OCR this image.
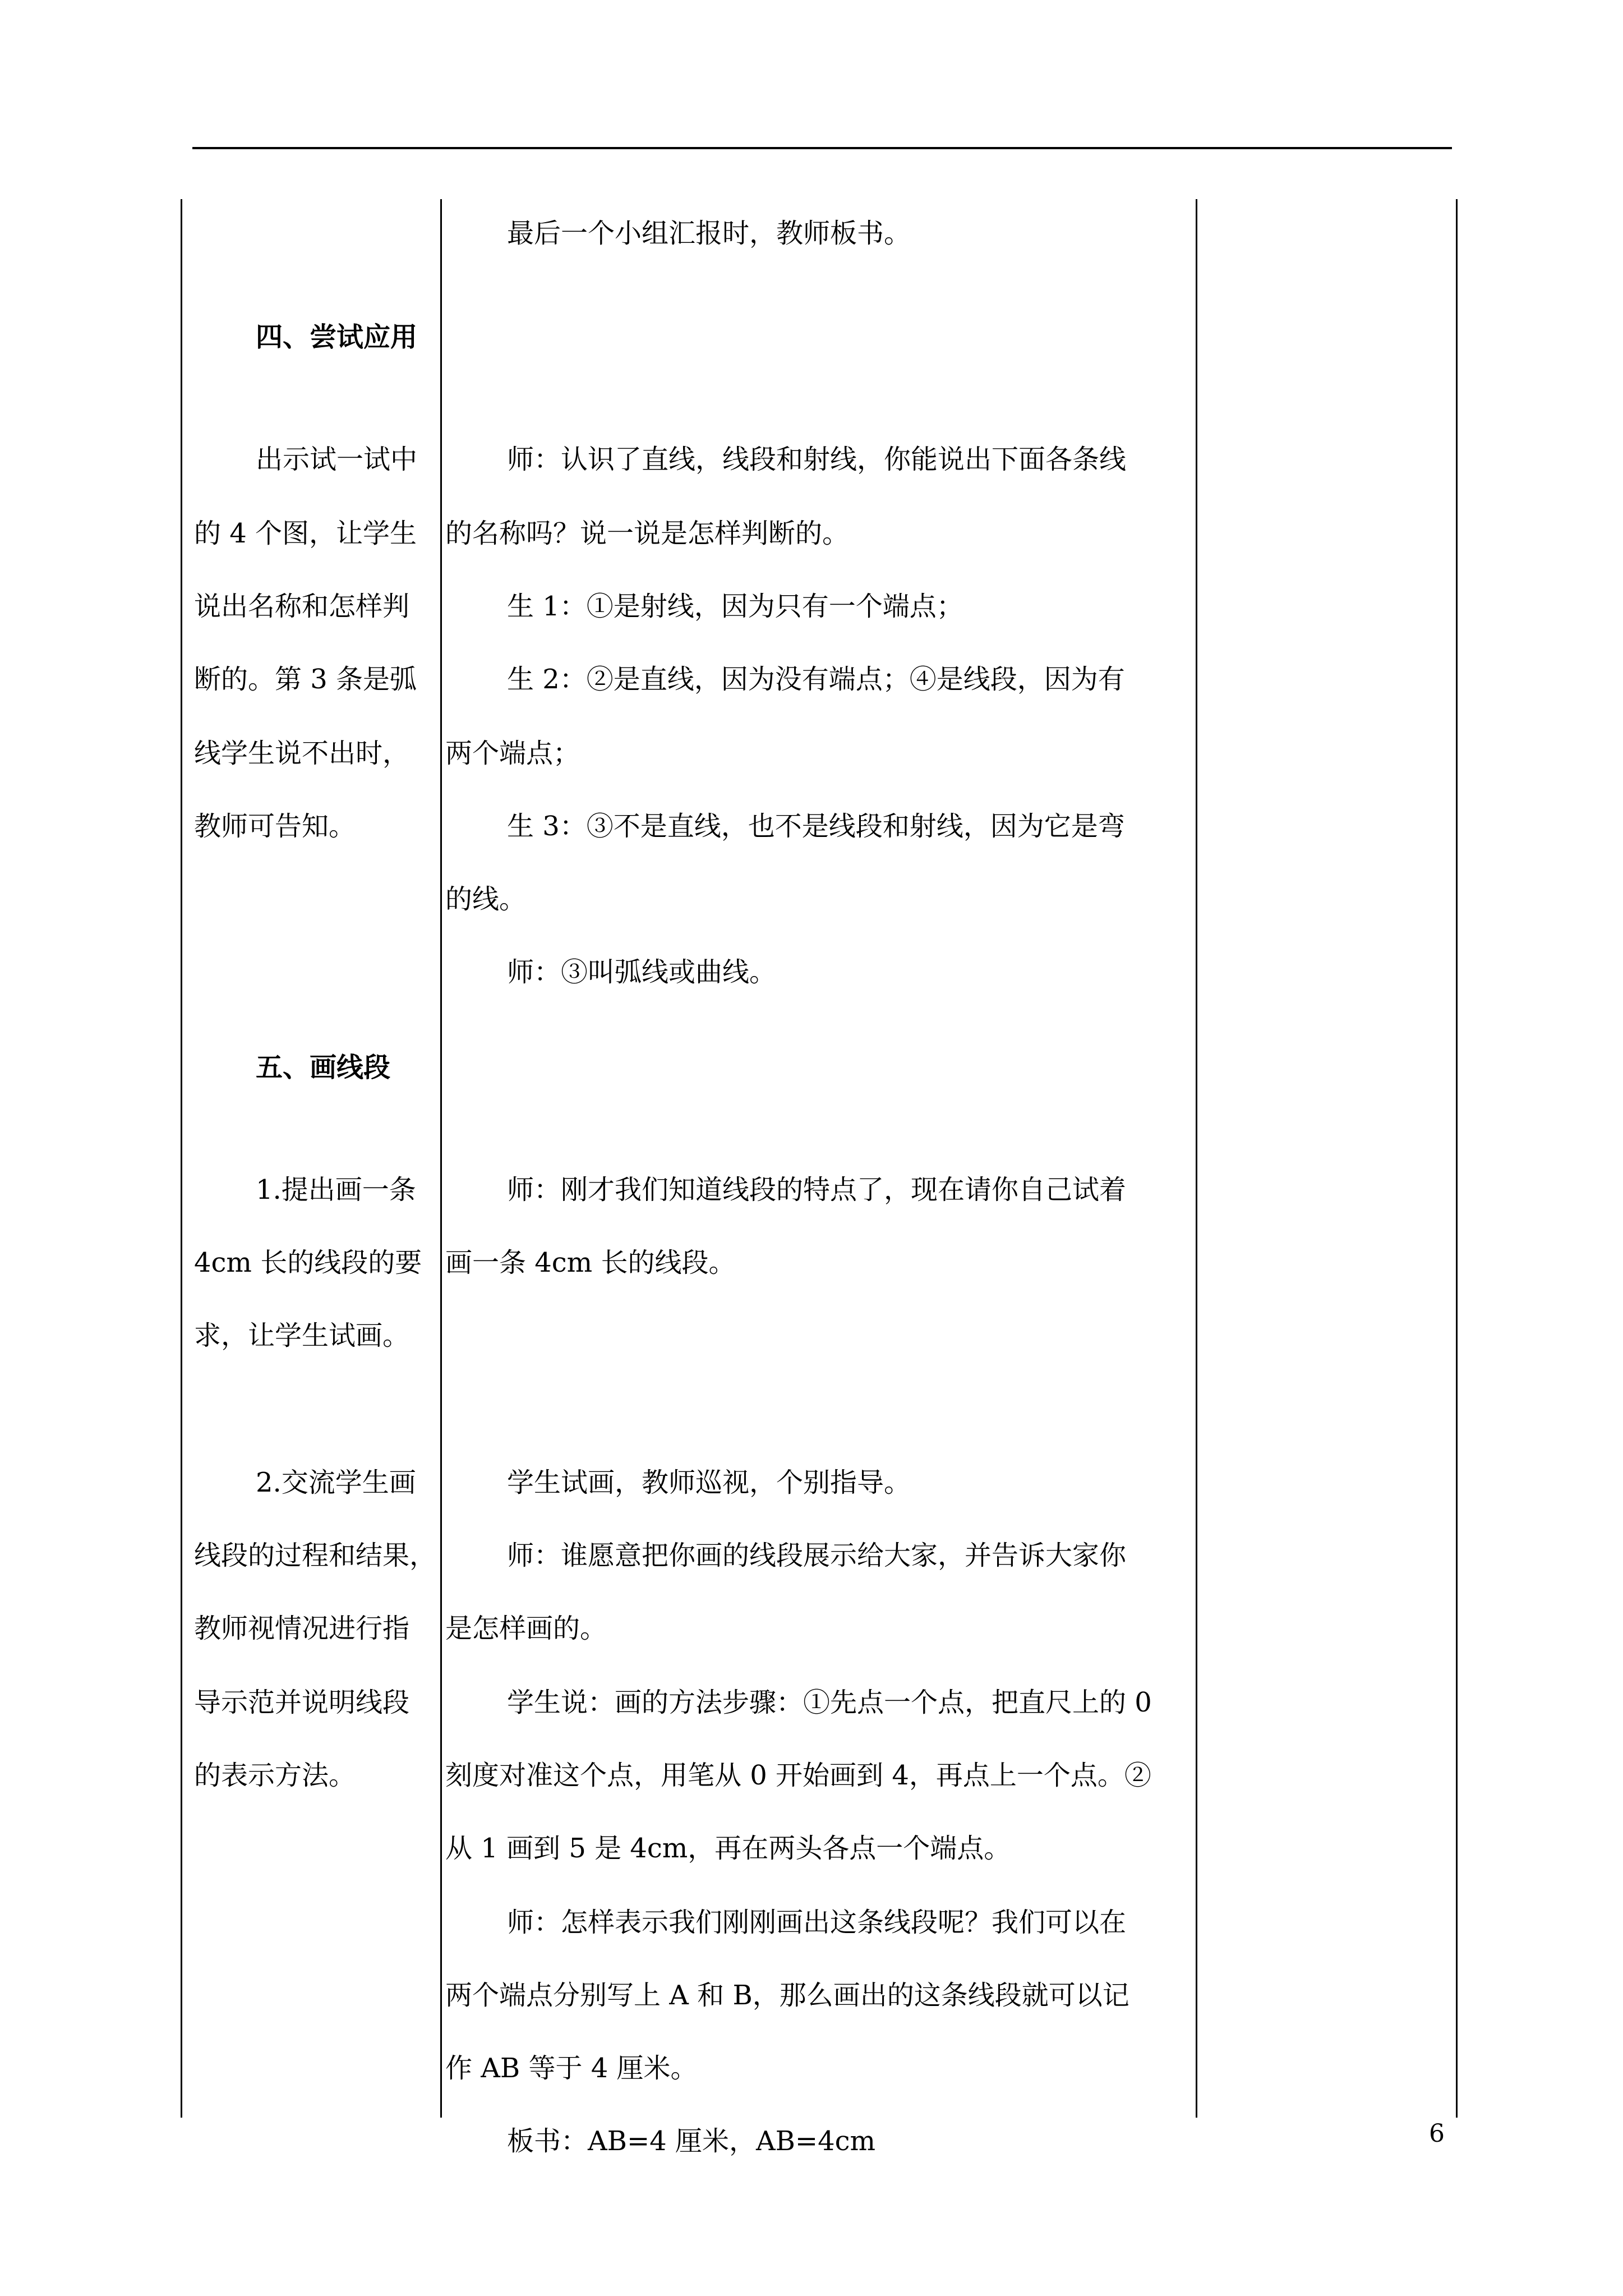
四、尝试应用

出示试一试中

的 4 个图，让学生

说出名称和怎样判

断的。第 3 条是弧

线学生说不出时，

教师可告知。

五、画线段

1.提出画一条

4cm 长的线段的要

求，让学生试画。

2.交流学生画

线段的过程和结果，

教师视情况进行指

导示范并说明线段

的表示方法。

最后一个小组汇报时，教师板书。

师：认识了直线，线段和射线，你能说出下面各条线

的名称吗？说一说是怎样判断的。

生 1：①是射线，因为只有一个端点；

生 2：②是直线，因为没有端点；④是线段，因为有

两个端点；

生 3：③不是直线，也不是线段和射线，因为它是弯

的线。

师：③叫弧线或曲线。

师：刚才我们知道线段的特点了，现在请你自己试着

画一条 4cm 长的线段。

学生试画，教师巡视，个别指导。

师：谁愿意把你画的线段展示给大家，并告诉大家你

是怎样画的。

学生说：画的方法步骤：①先点一个点，把直尺上的 0

刻度对准这个点，用笔从 0 开始画到 4，再点上一个点。②

从 1 画到 5 是 4cm，再在两头各点一个端点。

师：怎样表示我们刚刚画出这条线段呢？我们可以在

两个端点分别写上 A 和 B，那么画出的这条线段就可以记

作 AB 等于 4 厘米。

板书：AB=4 厘米，AB=4cm	6
